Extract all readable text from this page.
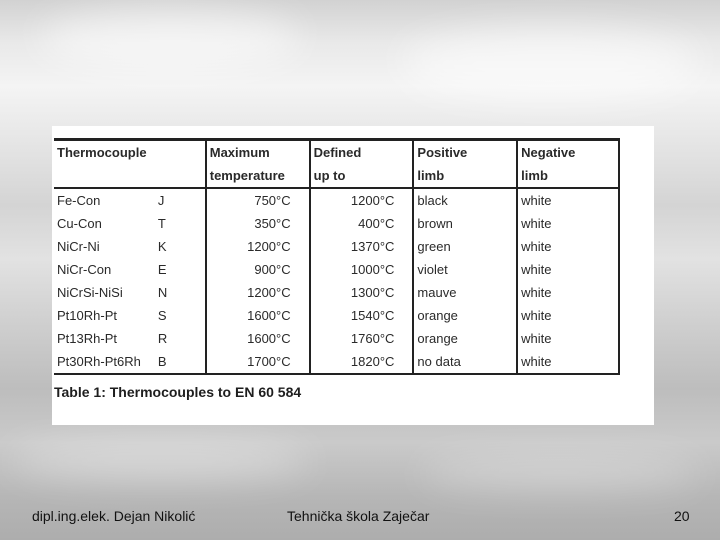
Thermocouple		Maximum	Defined	Positive	Negative
		temperature	up to	limb	limb
Fe-Con	J	750°C	1200°C	black	white
Cu-Con	T	350°C	400°C	brown	white
NiCr-Ni	K	1200°C	1370°C	green	white
NiCr-Con	E	900°C	1000°C	violet	white
NiCrSi-NiSi	N	1200°C	1300°C	mauve	white
Pt10Rh-Pt	S	1600°C	1540°C	orange	white
Pt13Rh-Pt	R	1600°C	1760°C	orange	white
Pt30Rh-Pt6Rh	B	1700°C	1820°C	no data	white
Table 1: Thermocouples to EN 60 584
dipl.ing.elek. Dejan Nikolić	Tehnička škola Zaječar	20
